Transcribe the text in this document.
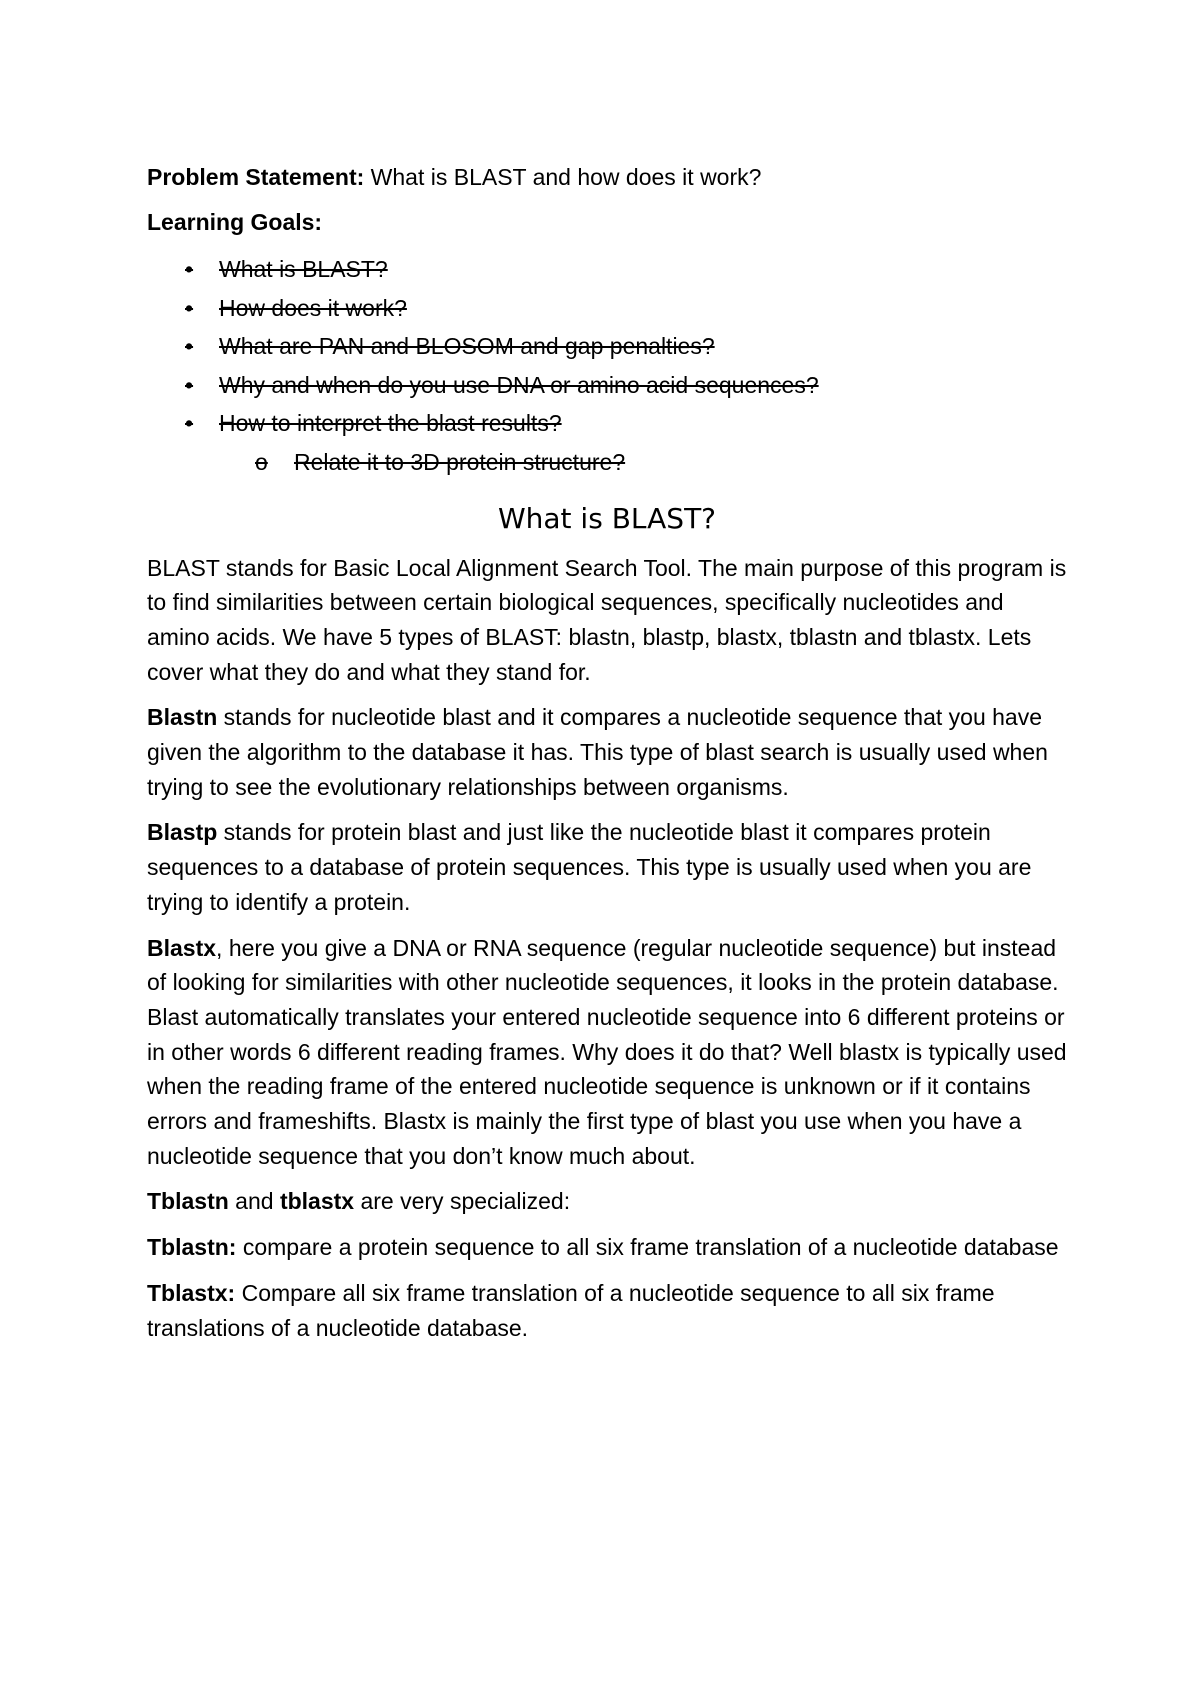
Problem Statement: What is BLAST and how does it work?
Learning Goals:
• What is BLAST?
• How does it work?
• What are PAN and BLOSOM and gap penalties?
• Why and when do you use DNA or amino acid sequences?
• How to interpret the blast results?
o Relate it to 3D protein structure?
What is BLAST?

BLAST stands for Basic Local Alignment Search Tool. The main purpose of this program is to find similarities between certain biological sequences, specifically nucleotides and amino acids. We have 5 types of BLAST: blastn, blastp, blastx, tblastn and tblastx. Lets cover what they do and what they stand for.

Blastn stands for nucleotide blast and it compares a nucleotide sequence that you have given the algorithm to the database it has. This type of blast search is usually used when trying to see the evolutionary relationships between organisms.

Blastp stands for protein blast and just like the nucleotide blast it compares protein sequences to a database of protein sequences. This type is usually used when you are trying to identify a protein.

Blastx, here you give a DNA or RNA sequence (regular nucleotide sequence) but instead of looking for similarities with other nucleotide sequences, it looks in the protein database. Blast automatically translates your entered nucleotide sequence into 6 different proteins or in other words 6 different reading frames. Why does it do that? Well blastx is typically used when the reading frame of the entered nucleotide sequence is unknown or if it contains errors and frameshifts. Blastx is mainly the first type of blast you use when you have a nucleotide sequence that you don’t know much about.

Tblastn and tblastx are very specialized:

Tblastn: compare a protein sequence to all six frame translation of a nucleotide database

Tblastx: Compare all six frame translation of a nucleotide sequence to all six frame translations of a nucleotide database.
